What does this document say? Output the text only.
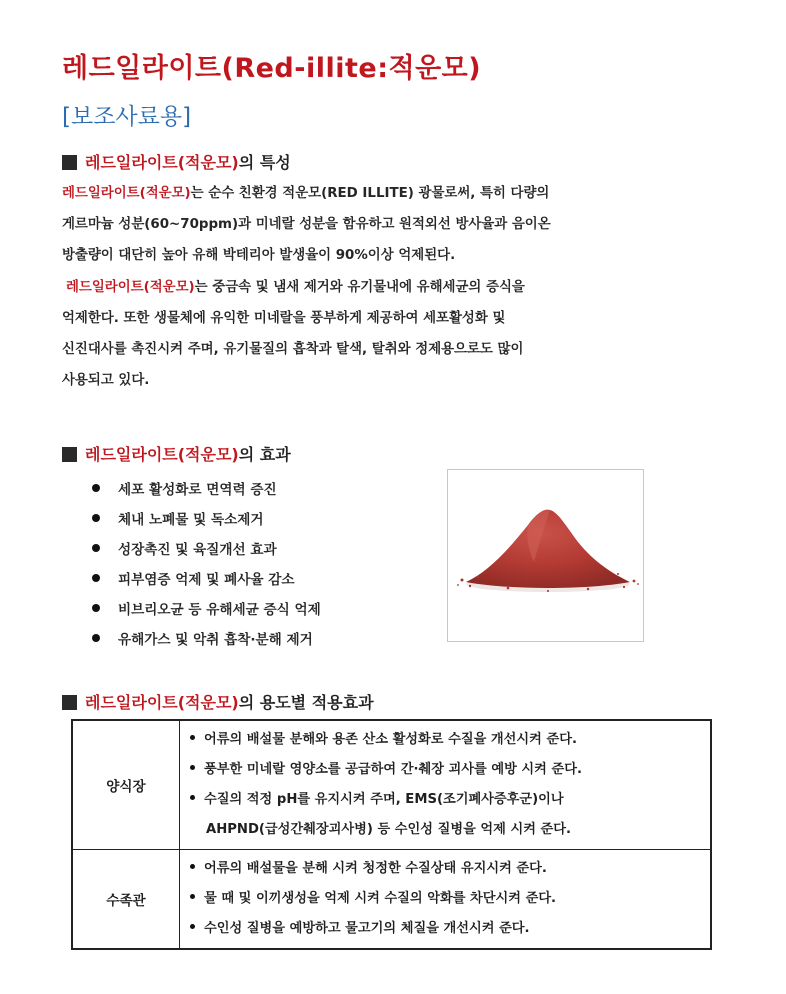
레드일라이트(Red-illite:적운모)
[보조사료용]
레드일라이트(적운모)의 특성
레드일라이트(적운모)는 순수 친환경 적운모(RED ILLITE) 광물로써, 특히 다량의
게르마늄 성분(60~70ppm)과 미네랄 성분을 함유하고 원적외선 방사율과 음이온
방출량이 대단히 높아 유해 박테리아 발생율이 90%이상 억제된다.
레드일라이트(적운모)는 중금속 및 냄새 제거와 유기물내에 유해세균의 증식을
억제한다. 또한 생물체에 유익한 미네랄을 풍부하게 제공하여 세포활성화 및
신진대사를 촉진시켜 주며, 유기물질의 흡착과 탈색, 탈취와 정제용으로도 많이
사용되고 있다.
레드일라이트(적운모)의 효과
세포 활성화로 면역력 증진
체내 노폐물 및 독소제거
성장촉진 및 육질개선 효과
피부염증 억제 및 폐사율 감소
비브리오균 등 유해세균 증식 억제
유해가스 및 악취 흡착·분해 제거
레드일라이트(적운모)의 용도별 적용효과
양식장	어류의 배설물 분해와 용존 산소 활성화로 수질을 개선시켜 준다.
풍부한 미네랄 영양소를 공급하여 간·췌장 괴사를 예방 시켜 준다.
수질의 적정 pH를 유지시켜 주며, EMS(조기폐사증후군)이나
AHPND(급성간췌장괴사병) 등 수인성 질병을 억제 시켜 준다.

수족관	어류의 배설물을 분해 시켜 청정한 수질상태 유지시켜 준다.
물 때 및 이끼생성을 억제 시켜 수질의 악화를 차단시켜 준다.
수인성 질병을 예방하고 물고기의 체질을 개선시켜 준다.
